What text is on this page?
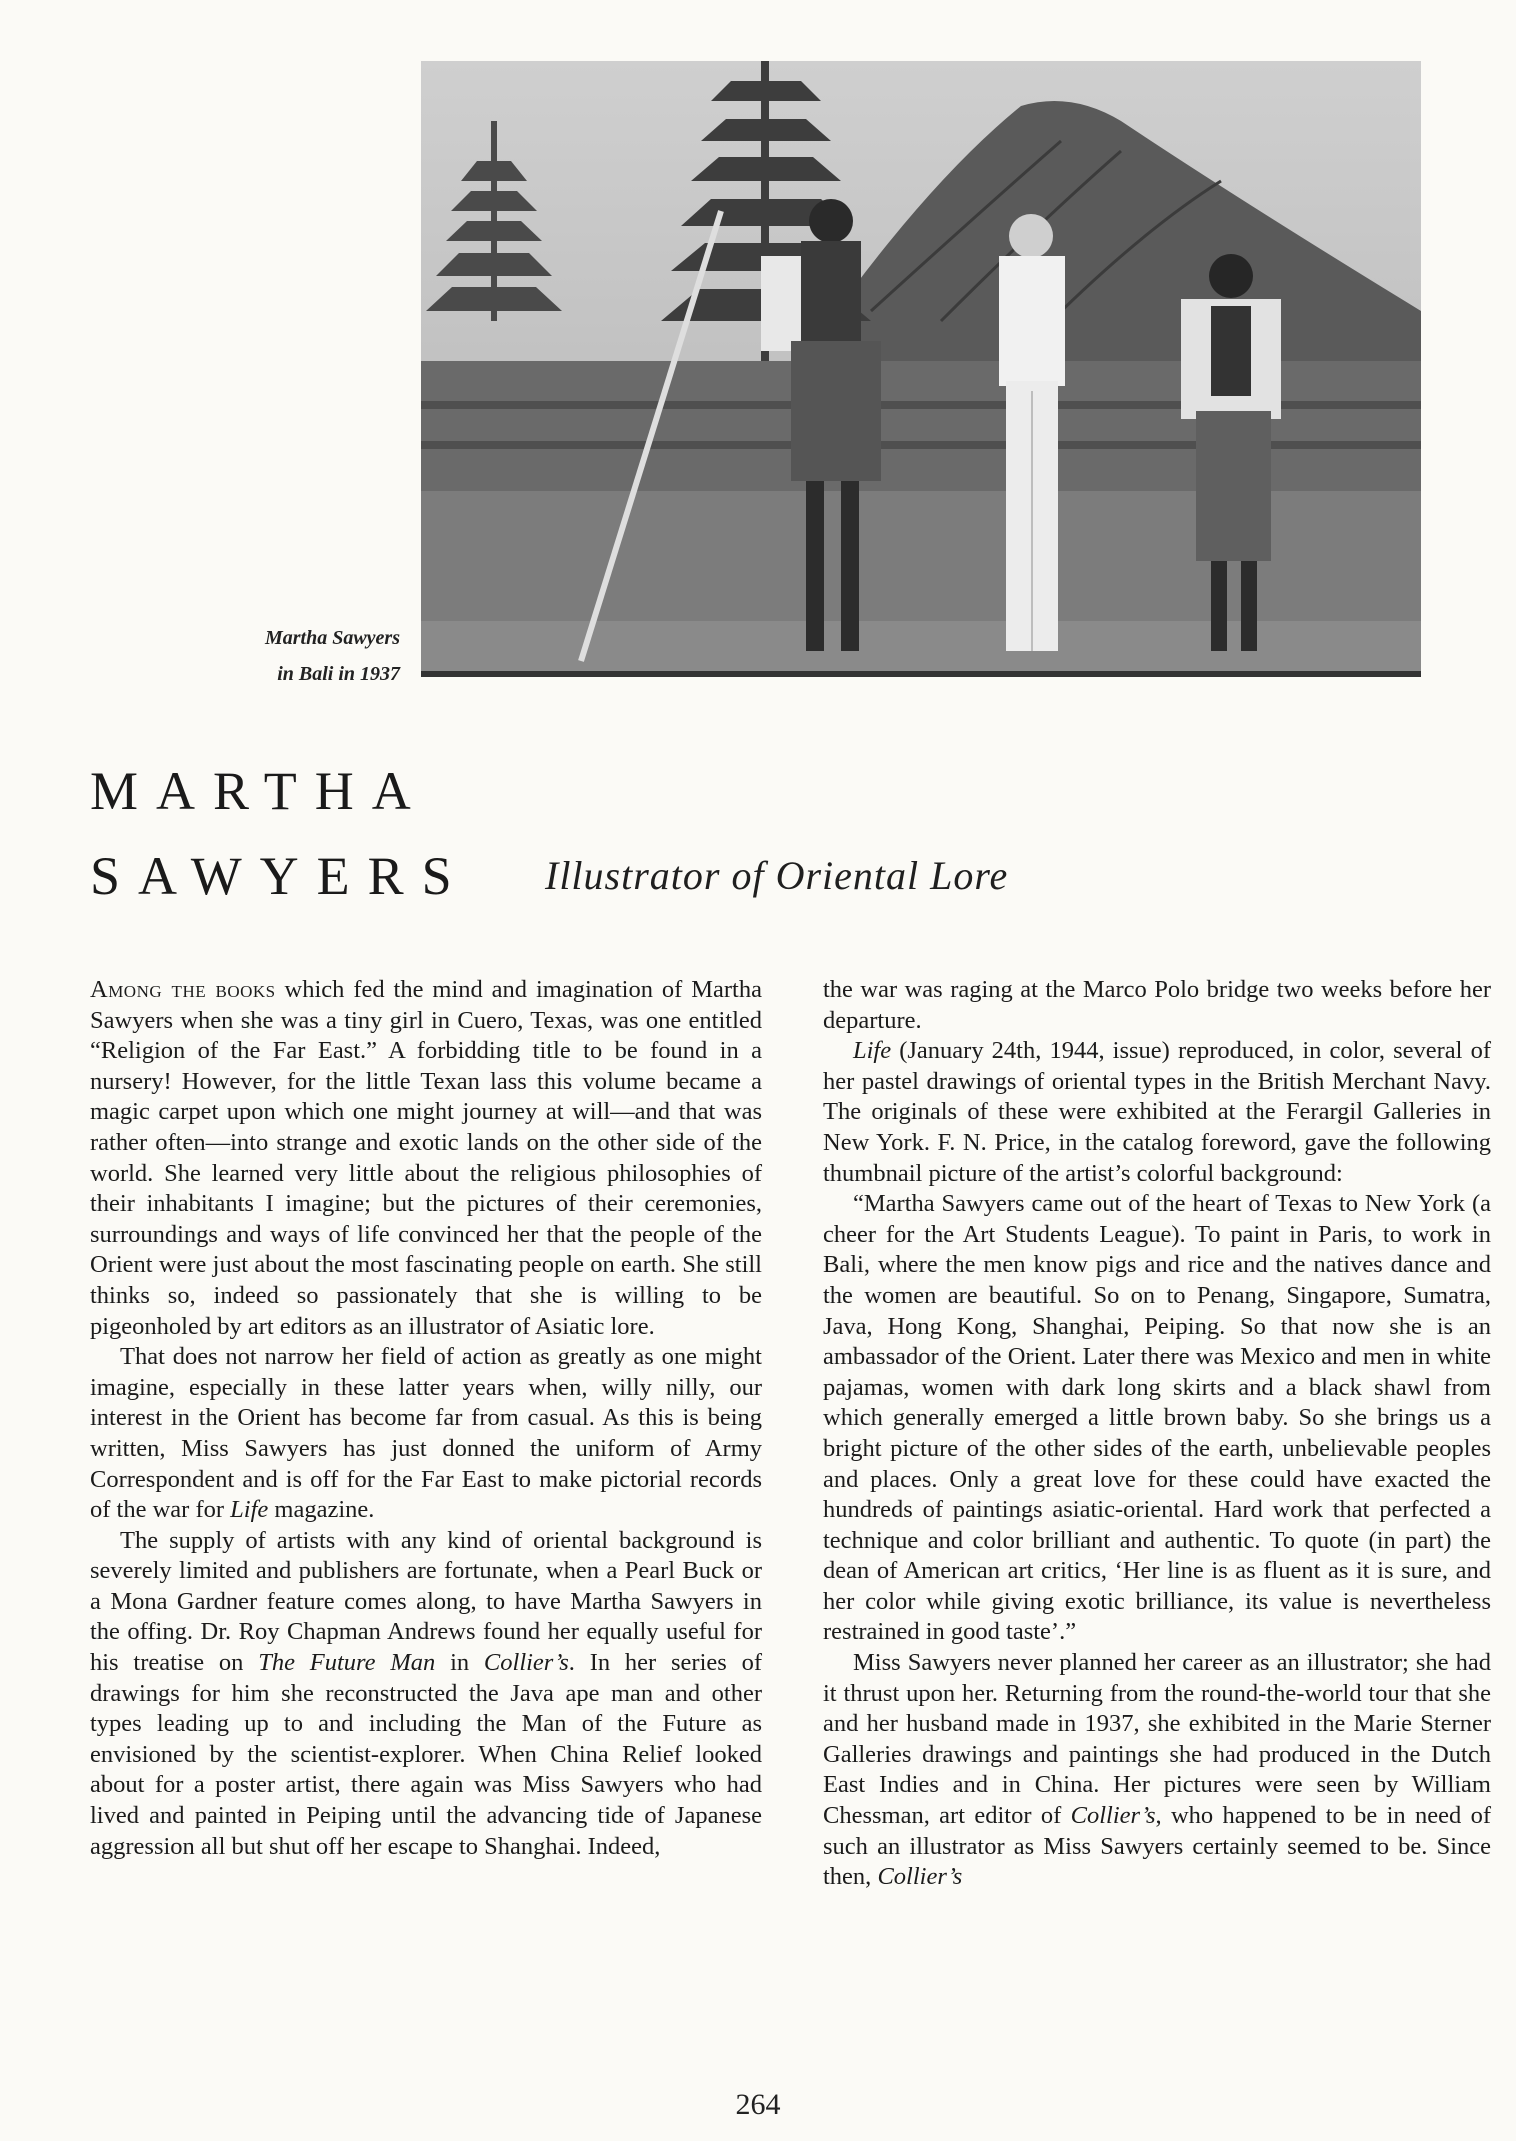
Martha Sawyers
in Bali in 1937
MARTHA
SAWYERS Illustrator of Oriental Lore

Among the books which fed the mind and imagination of Martha Sawyers when she was a tiny girl in Cuero, Texas, was one entitled “Religion of the Far East.” A forbidding title to be found in a nursery! However, for the little Texan lass this volume became a magic carpet upon which one might journey at will—and that was rather often—into strange and exotic lands on the other side of the world. She learned very little about the religious philosophies of their inhabitants I imagine; but the pictures of their ceremonies, surroundings and ways of life convinced her that the people of the Orient were just about the most fascinating people on earth. She still thinks so, indeed so passionately that she is willing to be pigeonholed by art editors as an illustrator of Asiatic lore.

That does not narrow her field of action as greatly as one might imagine, especially in these latter years when, willy nilly, our interest in the Orient has become far from casual. As this is being written, Miss Sawyers has just donned the uniform of Army Correspondent and is off for the Far East to make pictorial records of the war for Life magazine.

The supply of artists with any kind of oriental background is severely limited and publishers are fortunate, when a Pearl Buck or a Mona Gardner feature comes along, to have Martha Sawyers in the offing. Dr. Roy Chapman Andrews found her equally useful for his treatise on The Future Man in Collier’s. In her series of drawings for him she reconstructed the Java ape man and other types leading up to and including the Man of the Future as envisioned by the scientist-explorer. When China Relief looked about for a poster artist, there again was Miss Sawyers who had lived and painted in Peiping until the advancing tide of Japanese aggression all but shut off her escape to Shanghai. Indeed,

the war was raging at the Marco Polo bridge two weeks before her departure.

Life (January 24th, 1944, issue) reproduced, in color, several of her pastel drawings of oriental types in the British Merchant Navy. The originals of these were exhibited at the Ferargil Galleries in New York. F. N. Price, in the catalog foreword, gave the following thumbnail picture of the artist’s colorful background:

“Martha Sawyers came out of the heart of Texas to New York (a cheer for the Art Students League). To paint in Paris, to work in Bali, where the men know pigs and rice and the natives dance and the women are beautiful. So on to Penang, Singapore, Sumatra, Java, Hong Kong, Shanghai, Peiping. So that now she is an ambassador of the Orient. Later there was Mexico and men in white pajamas, women with dark long skirts and a black shawl from which generally emerged a little brown baby. So she brings us a bright picture of the other sides of the earth, unbelievable peoples and places. Only a great love for these could have exacted the hundreds of paintings asiatic-oriental. Hard work that perfected a technique and color brilliant and authentic. To quote (in part) the dean of American art critics, ‘Her line is as fluent as it is sure, and her color while giving exotic brilliance, its value is nevertheless restrained in good taste’.”

Miss Sawyers never planned her career as an illustrator; she had it thrust upon her. Returning from the round-the-world tour that she and her husband made in 1937, she exhibited in the Marie Sterner Galleries drawings and paintings she had produced in the Dutch East Indies and in China. Her pictures were seen by William Chessman, art editor of Collier’s, who happened to be in need of such an illustrator as Miss Sawyers certainly seemed to be. Since then, Collier’s

264
